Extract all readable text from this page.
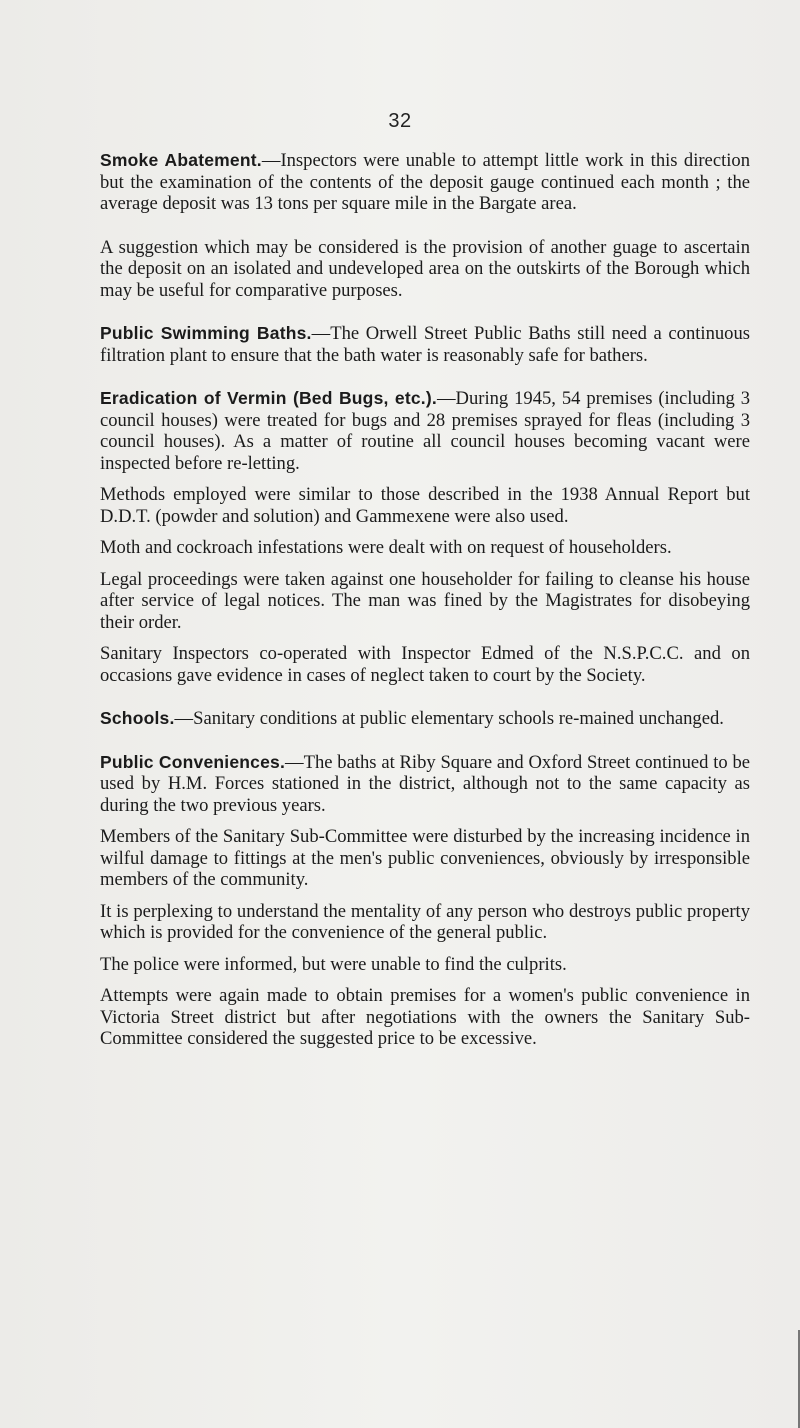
32

Smoke Abatement.—Inspectors were unable to attempt little work in this direction but the examination of the contents of the deposit gauge continued each month ; the average deposit was 13 tons per square mile in the Bargate area.

A suggestion which may be considered is the provision of another guage to ascertain the deposit on an isolated and undeveloped area on the outskirts of the Borough which may be useful for comparative purposes.

Public Swimming Baths.—The Orwell Street Public Baths still need a continuous filtration plant to ensure that the bath water is reasonably safe for bathers.

Eradication of Vermin (Bed Bugs, etc.).—During 1945, 54 premises (including 3 council houses) were treated for bugs and 28 premises sprayed for fleas (including 3 council houses). As a matter of routine all council houses becoming vacant were inspected before re-letting.

Methods employed were similar to those described in the 1938 Annual Report but D.D.T. (powder and solution) and Gammexene were also used.

Moth and cockroach infestations were dealt with on request of householders.

Legal proceedings were taken against one householder for failing to cleanse his house after service of legal notices. The man was fined by the Magistrates for disobeying their order.

Sanitary Inspectors co-operated with Inspector Edmed of the N.S.P.C.C. and on occasions gave evidence in cases of neglect taken to court by the Society.

Schools.—Sanitary conditions at public elementary schools re-mained unchanged.

Public Conveniences.—The baths at Riby Square and Oxford Street continued to be used by H.M. Forces stationed in the district, although not to the same capacity as during the two previous years.

Members of the Sanitary Sub-Committee were disturbed by the increasing incidence in wilful damage to fittings at the men's public conveniences, obviously by irresponsible members of the community.

It is perplexing to understand the mentality of any person who destroys public property which is provided for the convenience of the general public.

The police were informed, but were unable to find the culprits.

Attempts were again made to obtain premises for a women's public convenience in Victoria Street district but after negotiations with the owners the Sanitary Sub-Committee considered the suggested price to be excessive.
